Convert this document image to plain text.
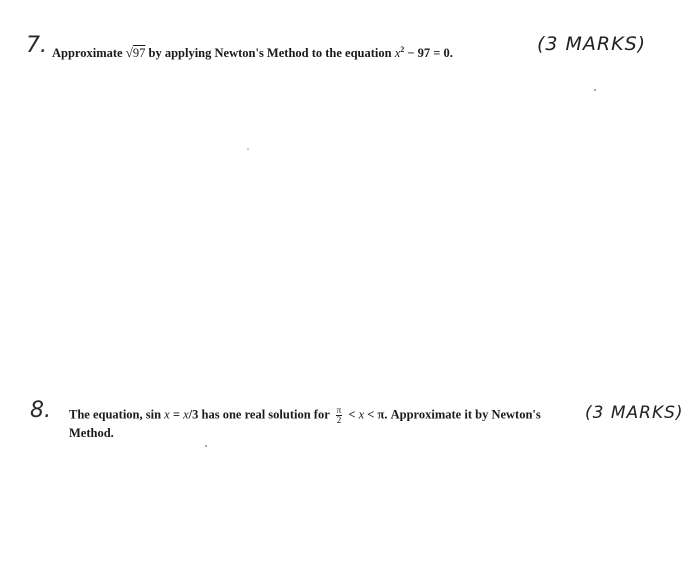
7. Approximate √97 by applying Newton's Method to the equation $x^2 - 97 = 0$.	(3 MARKS)
8. The equation, sin x = x/3 has one real solution for $\frac{\pi}{2} < x < \pi$. Approximate it by Newton's Method.
(3 MARKS)
